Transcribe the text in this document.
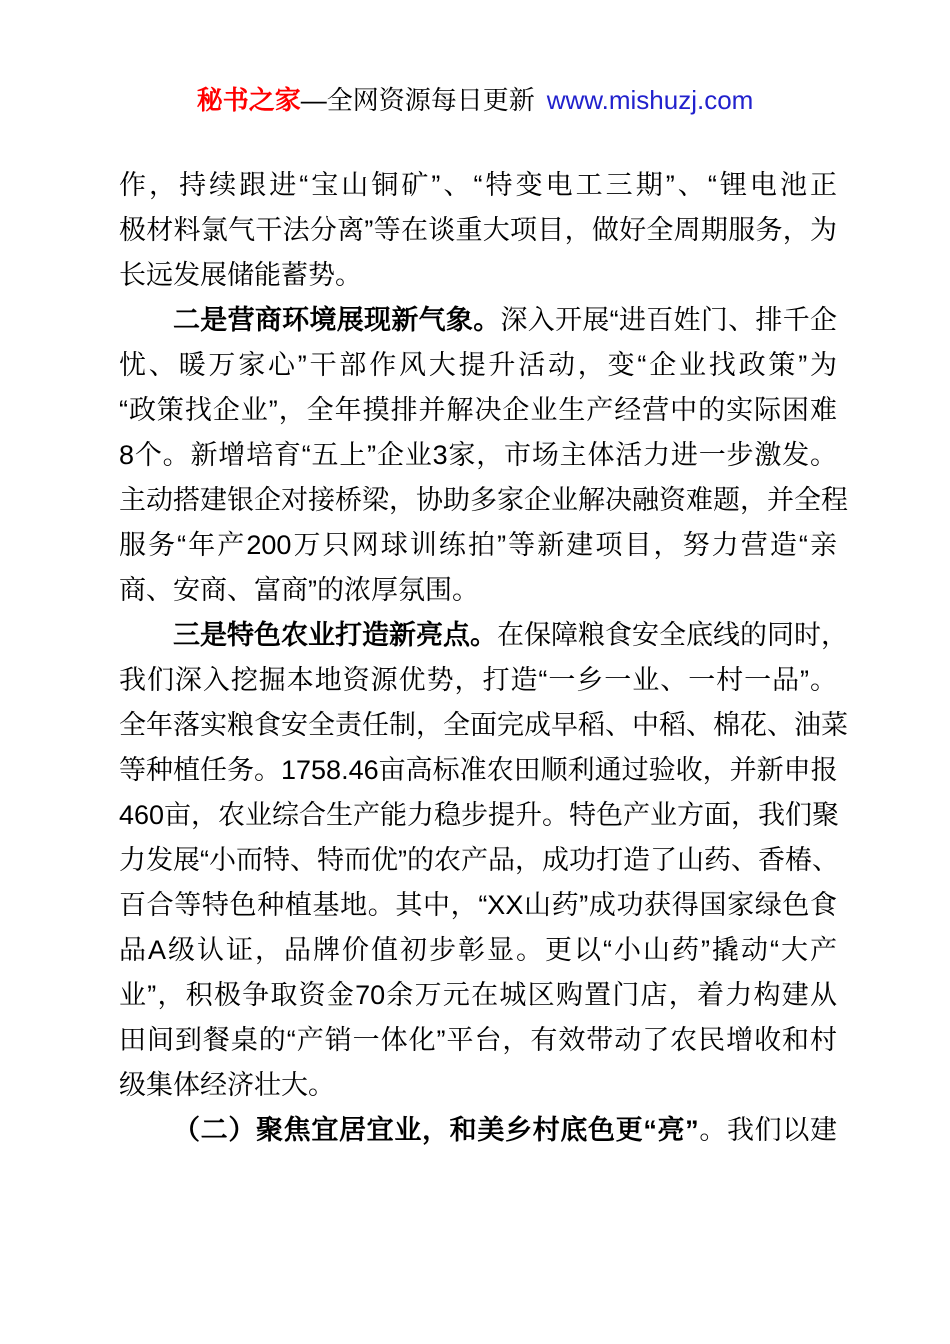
秘书之家—全网资源每日更新 www.mishuzj.com
作，持续跟进“宝山铜矿”、“特变电工三期”、“锂电池正
极材料氯气干法分离”等在谈重大项目，做好全周期服务，为
长远发展储能蓄势。
二是营商环境展现新气象。深入开展“进百姓门、排千企
忧、暖万家心”干部作风大提升活动，变“企业找政策”为
“政策找企业”，全年摸排并解决企业生产经营中的实际困难
8个。新增培育“五上”企业3家，市场主体活力进一步激发。
主动搭建银企对接桥梁，协助多家企业解决融资难题，并全程
服务“年产200万只网球训练拍”等新建项目，努力营造“亲
商、安商、富商”的浓厚氛围。
三是特色农业打造新亮点。在保障粮食安全底线的同时，
我们深入挖掘本地资源优势，打造“一乡一业、一村一品”。
全年落实粮食安全责任制，全面完成早稻、中稻、棉花、油菜
等种植任务。1758.46亩高标准农田顺利通过验收，并新申报
460亩，农业综合生产能力稳步提升。特色产业方面，我们聚
力发展“小而特、特而优”的农产品，成功打造了山药、香椿、
百合等特色种植基地。其中，“XX山药”成功获得国家绿色食
品A级认证，品牌价值初步彰显。更以“小山药”撬动“大产
业”，积极争取资金70余万元在城区购置门店，着力构建从
田间到餐桌的“产销一体化”平台，有效带动了农民增收和村
级集体经济壮大。
（二）聚焦宜居宜业，和美乡村底色更“亮”。我们以建
